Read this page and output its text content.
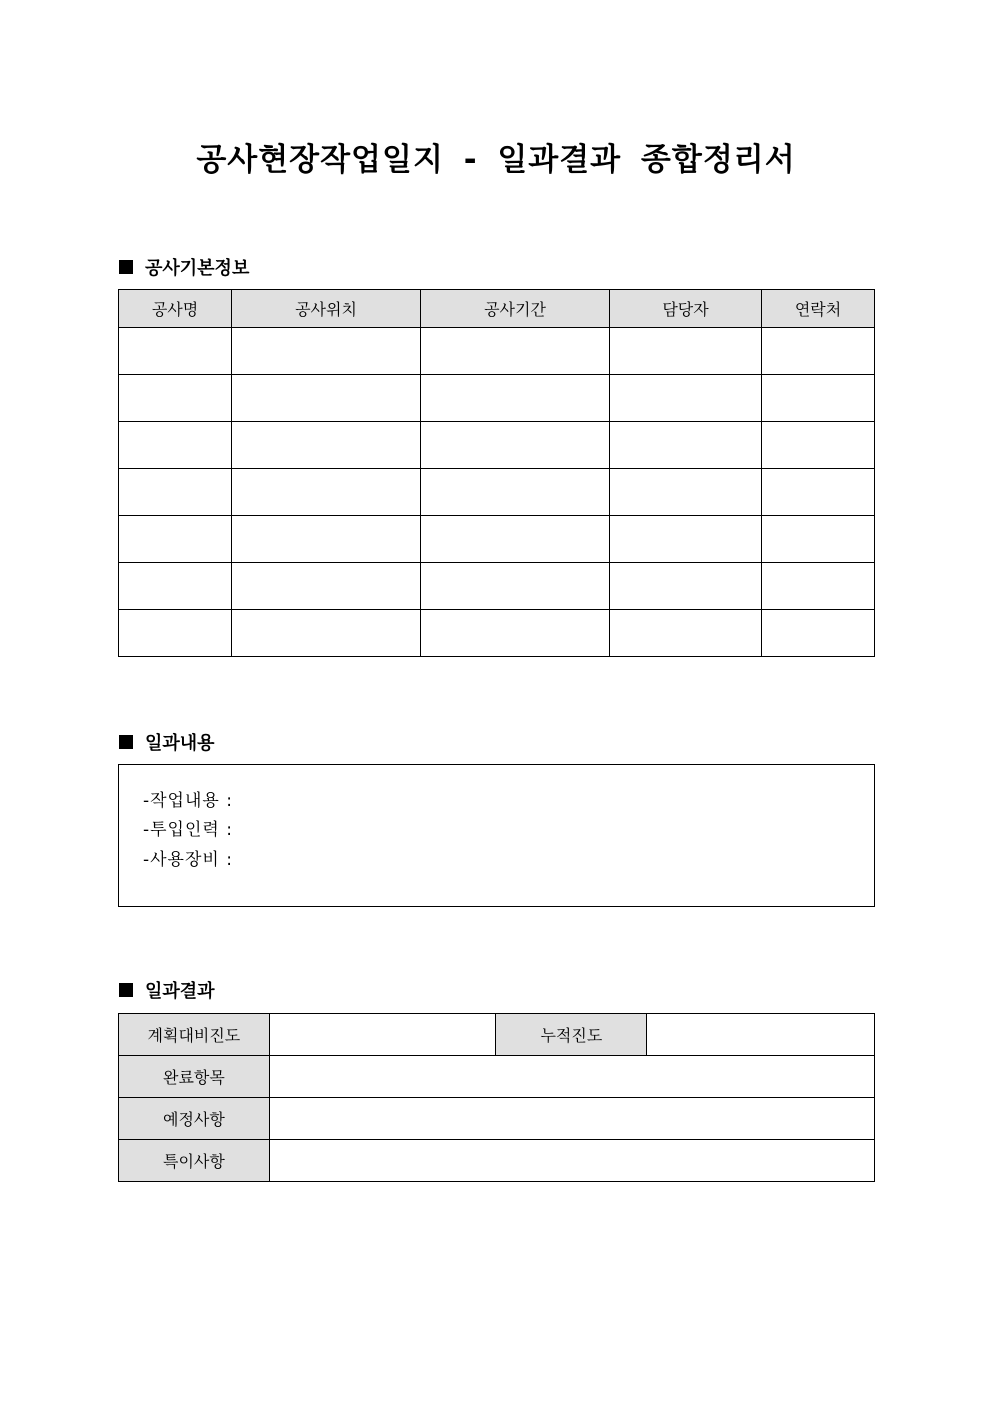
공사현장작업일지 - 일과결과 종합정리서
공사기본정보
공사명	공사위치	공사기간	담당자	연락처

일과내용
-작업내용 :
-투입인력 :
-사용장비 :
일과결과
계획대비진도		누적진도	
완료항목			
예정사항			
특이사항			
